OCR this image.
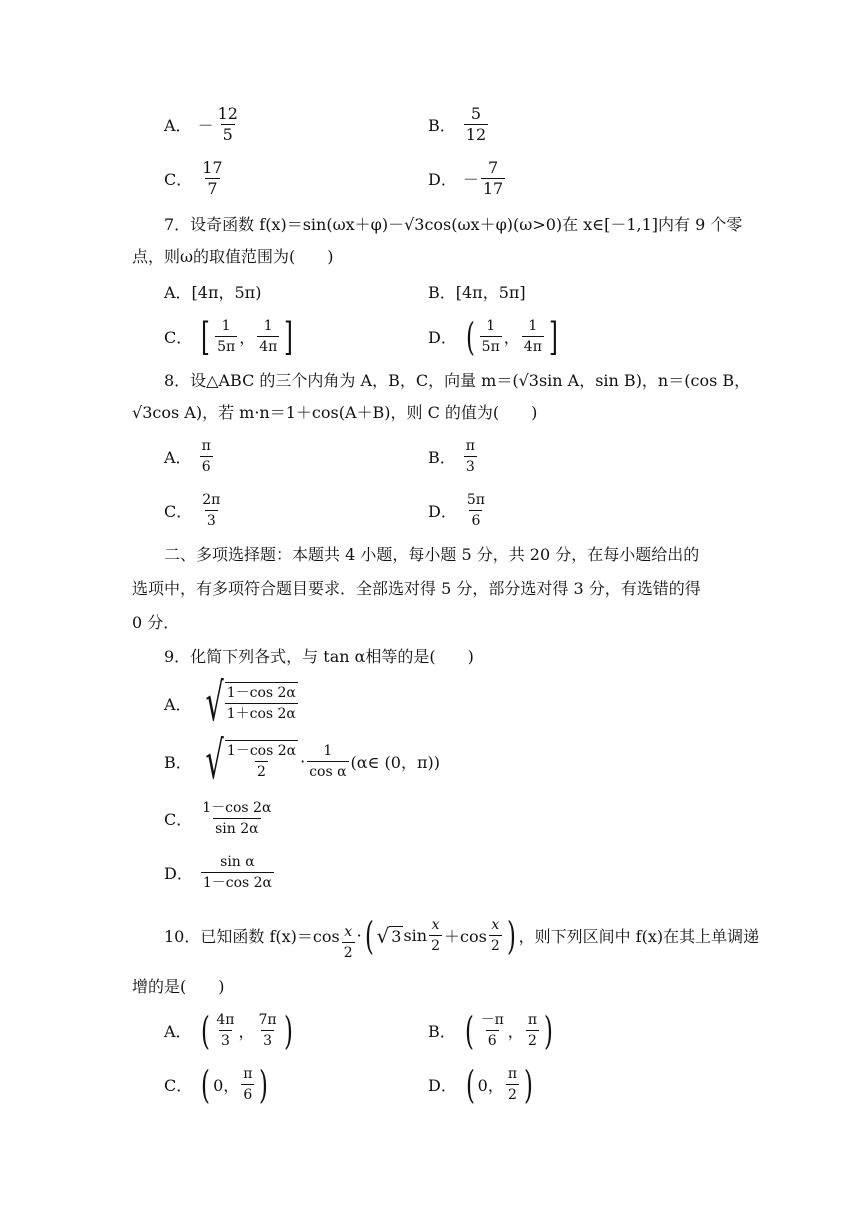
A． － $\frac{12}{5}$	B． $\frac{5}{12}$
C． $\frac{17}{7}$	D． － $\frac{7}{17}$
7．设奇函数 f(x)＝sin(ωx＋φ)－√3cos(ωx＋φ)(ω>0)在 x∈[－1,1]内有 9 个零
点，则ω的取值范围为(　　)
A．[4π，5π)	B．[4π，5π]
C． [ $\frac{1}{5\pi}$ ， $\frac{1}{4\pi}$ ]	D． ( $\frac{1}{5\pi}$ ， $\frac{1}{4\pi}$ ]
8．设△ABC 的三个内角为 A，B，C，向量 m＝(√3sin A，sin B)，n＝(cos B，
√3cos A)，若 m·n＝1＋cos(A＋B)，则 C 的值为(　　)
A． $\frac{\pi}{6}$	B． $\frac{\pi}{3}$
C． $\frac{2\pi}{3}$	D． $\frac{5\pi}{6}$
二、多项选择题：本题共 4 小题，每小题 5 分，共 20 分，在每小题给出的
选项中，有多项符合题目要求．全部选对得 5 分，部分选对得 3 分，有选错的得
0 分．
9．化简下列各式，与 tan α相等的是(　　)
A． √ $\frac{1-\cos 2\alpha}{1+\cos 2\alpha}$
B． √ $\frac{1-\cos 2\alpha}{2} \cdot \frac{1}{\text{cos α}}$ (α∈ (0，π))
C． $\frac{1-\cos 2\alpha}{\sin 2\alpha}$
D． $\frac{\text{sin α}}{1-\cos 2\alpha}$
10．已知函数 $f(x)=\cos \frac{x}{2}$ · ( √ 3 $\sin \frac{x}{2} +\cos \frac{x}{2}$ ) ，则下列区间中 f(x)在其上单调递
增的是(　　)
A． ( $\frac{4\pi}{3}$ ， $\frac{7\pi}{3}$ )	B． ( $\frac{-\pi}{6}$ ， $\frac{\pi}{2}$ )
C． ( 0， $\frac{\pi}{6}$ )	D． ( 0， $\frac{\pi}{2}$ )
